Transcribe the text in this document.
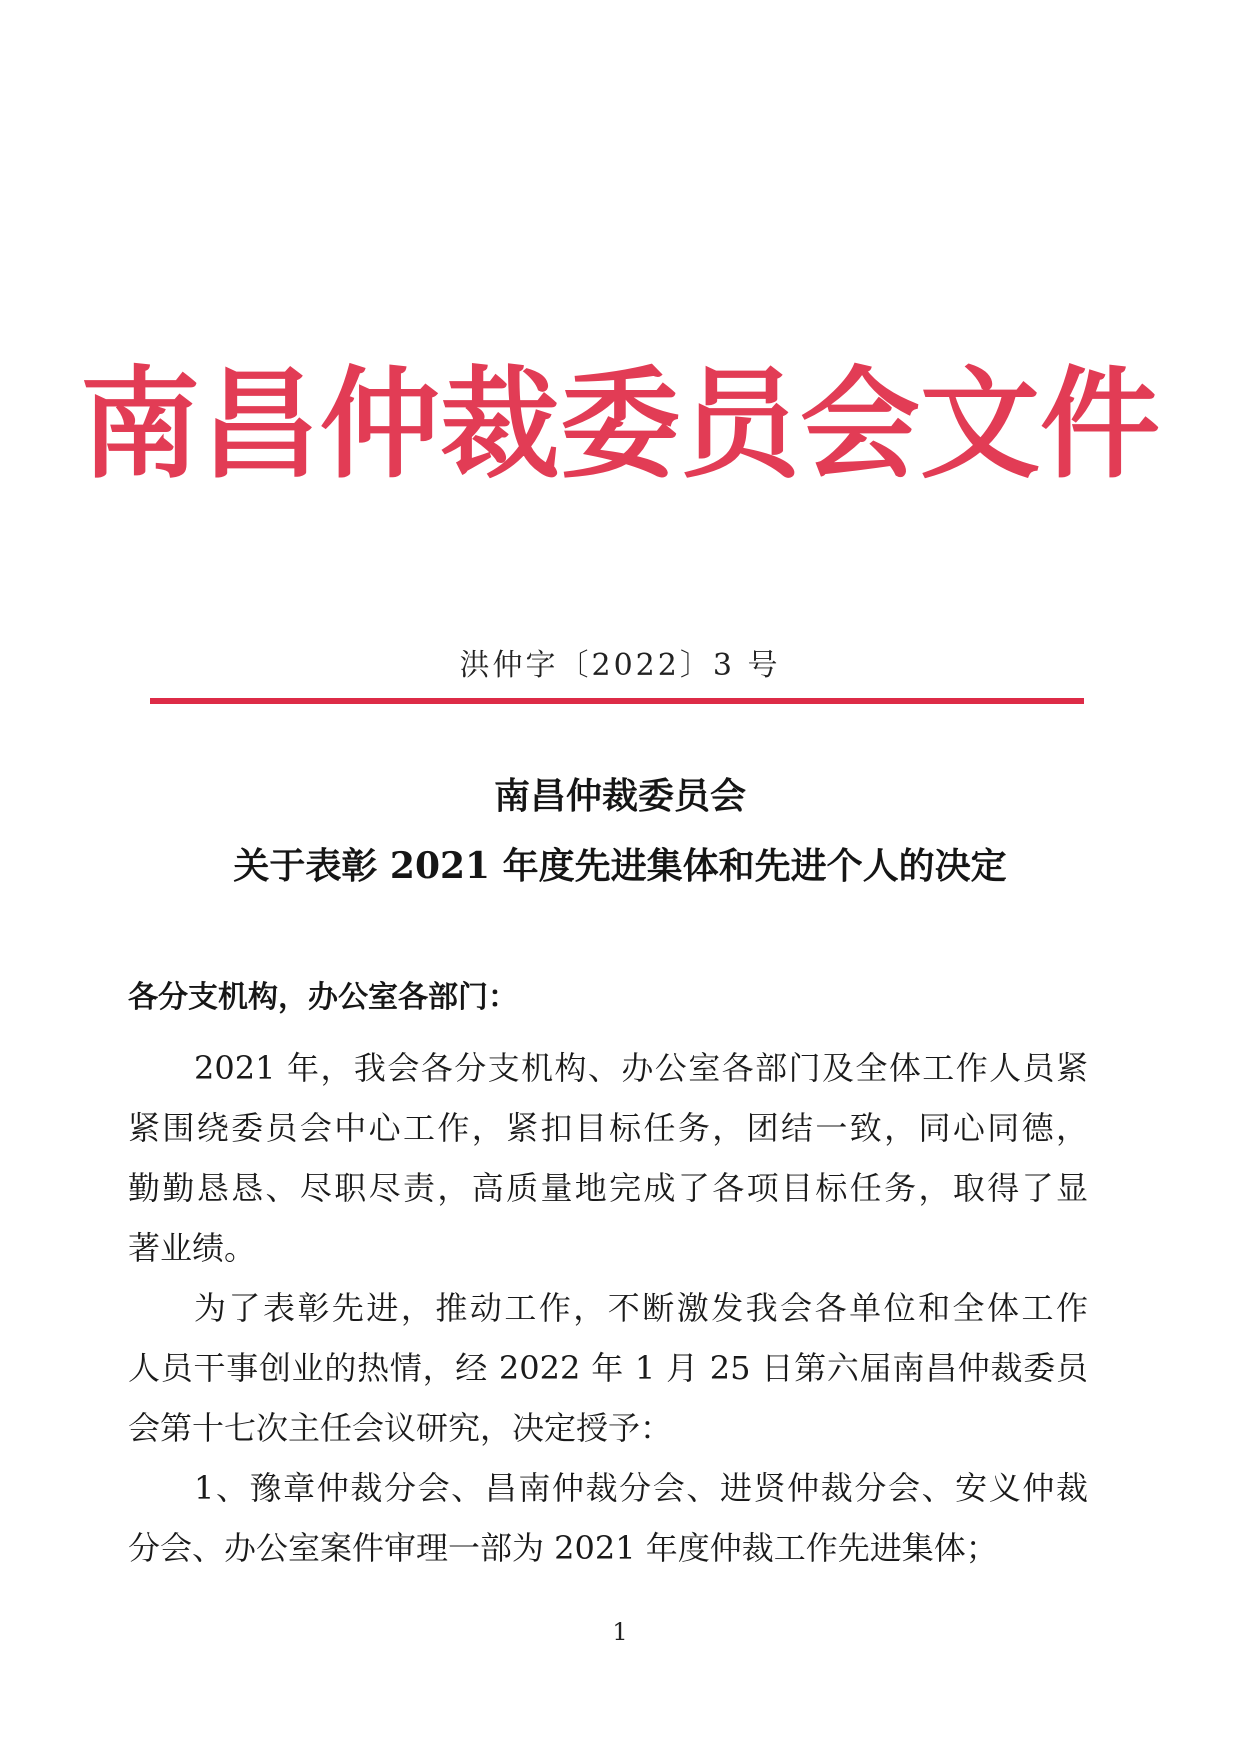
南昌仲裁委员会文件
洪仲字〔2022〕3 号
南昌仲裁委员会
关于表彰 2021 年度先进集体和先进个人的决定
各分支机构，办公室各部门：
2021 年，我会各分支机构、办公室各部门及全体工作人员紧
紧围绕委员会中心工作，紧扣目标任务，团结一致，同心同德，
勤勤恳恳、尽职尽责，高质量地完成了各项目标任务，取得了显
著业绩。
为了表彰先进，推动工作，不断激发我会各单位和全体工作
人员干事创业的热情，经 2022 年 1 月 25 日第六届南昌仲裁委员
会第十七次主任会议研究，决定授予：
1、豫章仲裁分会、昌南仲裁分会、进贤仲裁分会、安义仲裁
分会、办公室案件审理一部为 2021 年度仲裁工作先进集体；
1
